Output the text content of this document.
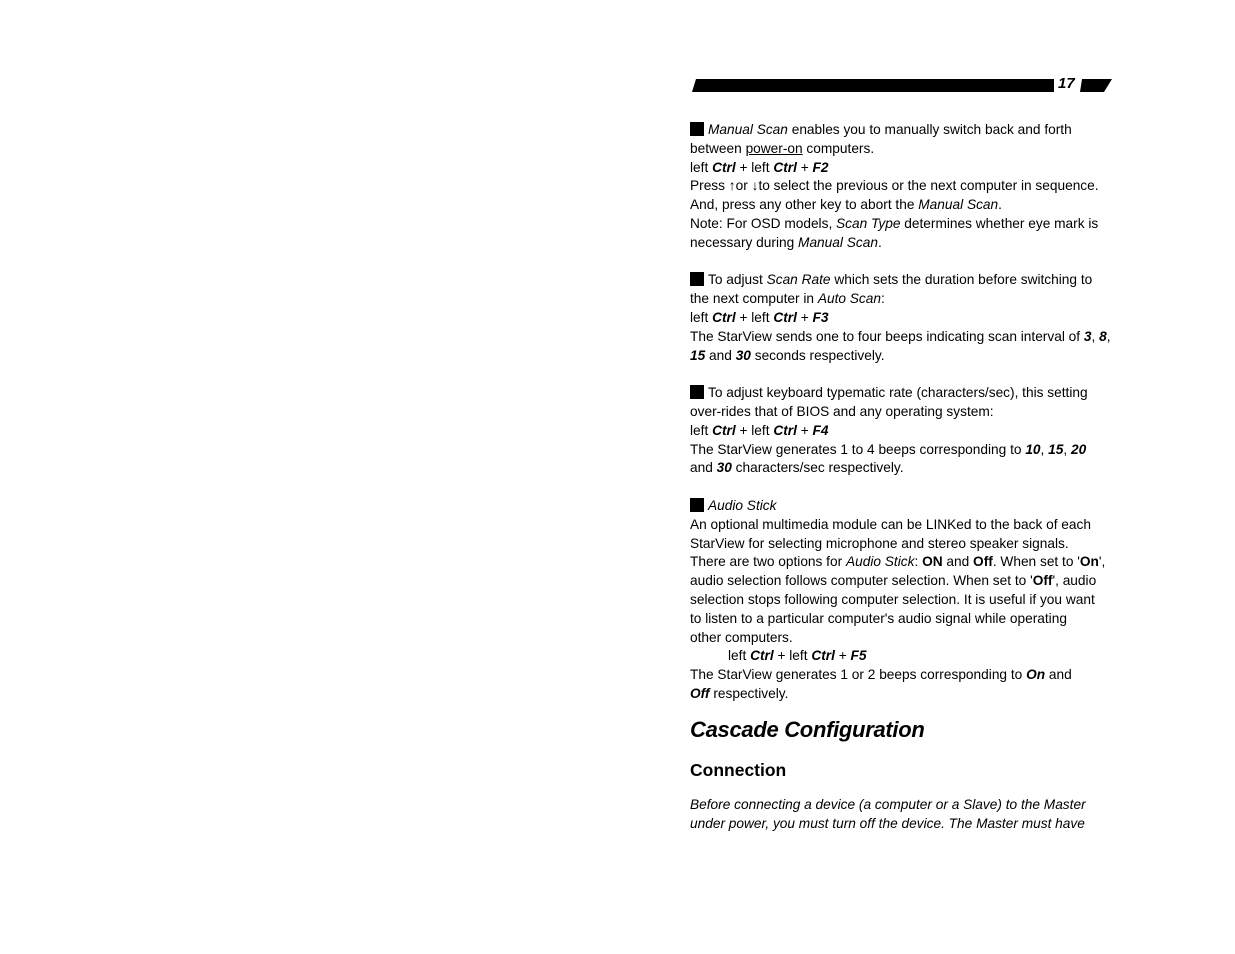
17

Manual Scan enables you to manually switch back and forth

between power-on computers.

left Ctrl + left Ctrl + F2

Press ↑or ↓to select the previous or the next computer in sequence.

And, press any other key to abort the Manual Scan.

Note: For OSD models, Scan Type determines whether eye mark is

necessary during Manual Scan.

To adjust Scan Rate which sets the duration before switching to

the next computer in Auto Scan:

left Ctrl + left Ctrl + F3

The StarView sends one to four beeps indicating scan interval of 3, 8,

15 and 30 seconds respectively.

To adjust keyboard typematic rate (characters/sec), this setting

over-rides that of BIOS and any operating system:

left Ctrl + left Ctrl + F4

The StarView generates 1 to 4 beeps corresponding to 10, 15, 20

and 30 characters/sec respectively.

Audio Stick

An optional multimedia module can be LINKed to the back of each

StarView for selecting microphone and stereo speaker signals.

There are two options for Audio Stick: ON and Off. When set to 'On',

audio selection follows computer selection. When set to 'Off', audio

selection stops following computer selection. It is useful if you want

to listen to a particular computer's audio signal while operating

other computers.

left Ctrl + left Ctrl + F5

The StarView generates 1 or 2 beeps corresponding to On and

Off respectively.

Cascade Configuration
Connection

Before connecting a device (a computer or a Slave) to the Master

under power, you must turn off the device. The Master must have
